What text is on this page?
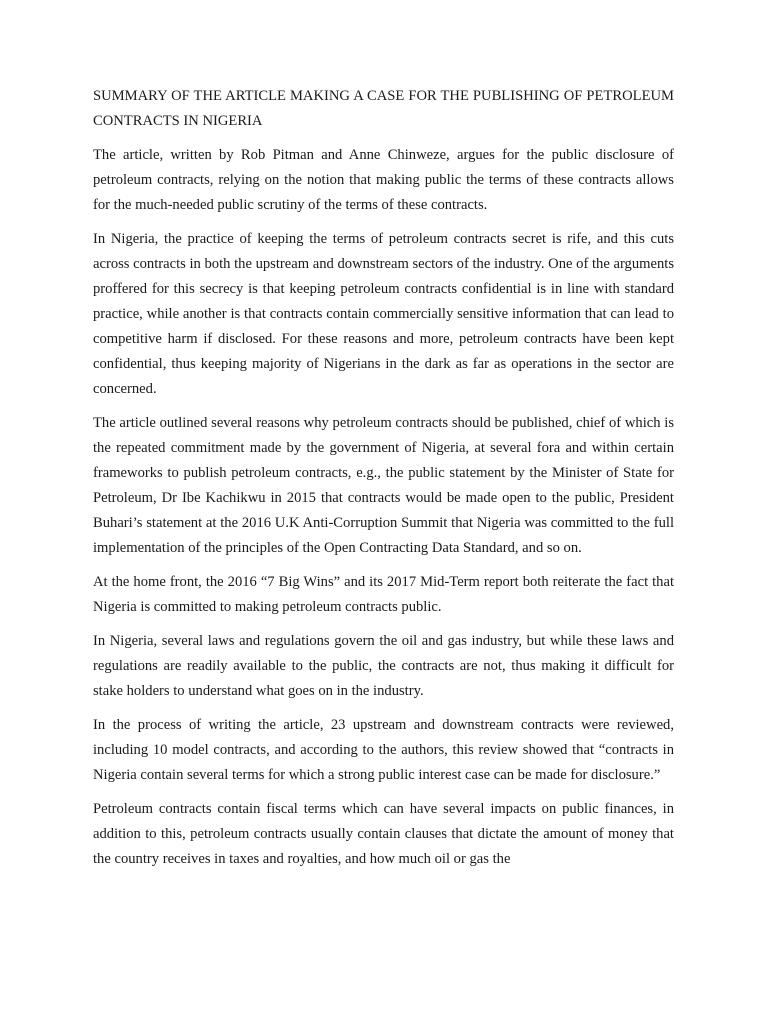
SUMMARY OF THE ARTICLE MAKING A CASE FOR THE PUBLISHING OF PETROLEUM CONTRACTS IN NIGERIA

The article, written by Rob Pitman and Anne Chinweze, argues for the public disclosure of petroleum contracts, relying on the notion that making public the terms of these contracts allows for the much-needed public scrutiny of the terms of these contracts.

In Nigeria, the practice of keeping the terms of petroleum contracts secret is rife, and this cuts across contracts in both the upstream and downstream sectors of the industry. One of the arguments proffered for this secrecy is that keeping petroleum contracts confidential is in line with standard practice, while another is that contracts contain commercially sensitive information that can lead to competitive harm if disclosed. For these reasons and more, petroleum contracts have been kept confidential, thus keeping majority of Nigerians in the dark as far as operations in the sector are concerned.

The article outlined several reasons why petroleum contracts should be published, chief of which is the repeated commitment made by the government of Nigeria, at several fora and within certain frameworks to publish petroleum contracts, e.g., the public statement by the Minister of State for Petroleum, Dr Ibe Kachikwu in 2015 that contracts would be made open to the public, President Buhari’s statement at the 2016 U.K Anti-Corruption Summit that Nigeria was committed to the full implementation of the principles of the Open Contracting Data Standard, and so on.

At the home front, the 2016 “7 Big Wins” and its 2017 Mid-Term report both reiterate the fact that Nigeria is committed to making petroleum contracts public.

In Nigeria, several laws and regulations govern the oil and gas industry, but while these laws and regulations are readily available to the public, the contracts are not, thus making it difficult for stake holders to understand what goes on in the industry.

In the process of writing the article, 23 upstream and downstream contracts were reviewed, including 10 model contracts, and according to the authors, this review showed that “contracts in Nigeria contain several terms for which a strong public interest case can be made for disclosure.”

Petroleum contracts contain fiscal terms which can have several impacts on public finances, in addition to this, petroleum contracts usually contain clauses that dictate the amount of money that the country receives in taxes and royalties, and how much oil or gas the
